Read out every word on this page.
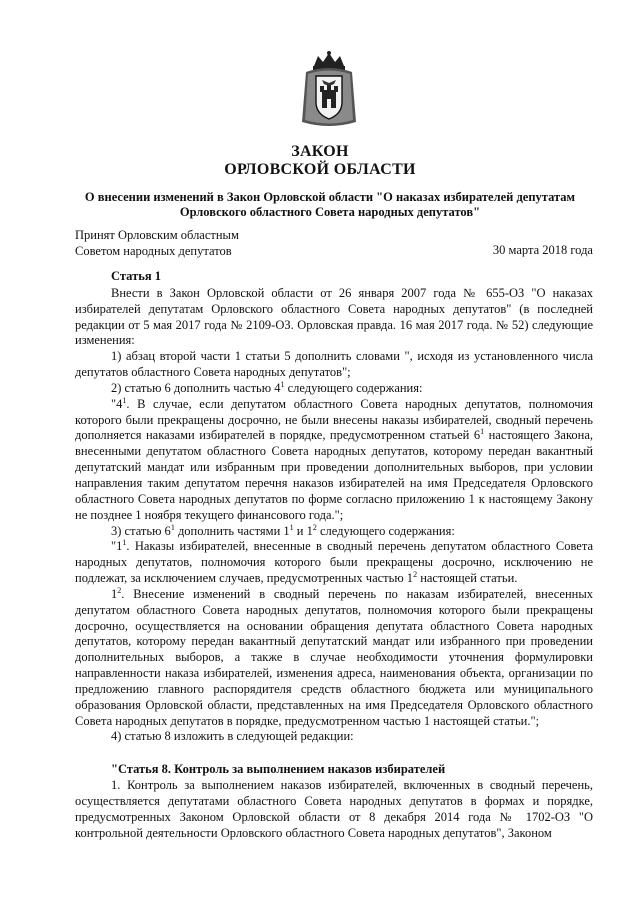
ЗАКОН
ОРЛОВСКОЙ ОБЛАСТИ
О внесении изменений в Закон Орловской области "О наказах избирателей депутатам Орловского областного Совета народных депутатов"
Принят Орловским областным
Советом народных депутатов	30 марта 2018 года

Статья 1

Внести в Закон Орловской области от 26 января 2007 года № 655-ОЗ "О наказах избирателей депутатам Орловского областного Совета народных депутатов" (в последней редакции от 5 мая 2017 года № 2109-ОЗ. Орловская правда. 16 мая 2017 года. № 52) следующие изменения:

1) абзац второй части 1 статьи 5 дополнить словами ", исходя из установленного числа депутатов областного Совета народных депутатов";

2) статью 6 дополнить частью $4^1$ следующего содержания:

"$4^1$. В случае, если депутатом областного Совета народных депутатов, полномочия которого были прекращены досрочно, не были внесены наказы избирателей, сводный перечень дополняется наказами избирателей в порядке, предусмотренном статьей $6^1$ настоящего Закона, внесенными депутатом областного Совета народных депутатов, которому передан вакантный депутатский мандат или избранным при проведении дополнительных выборов, при условии направления таким депутатом перечня наказов избирателей на имя Председателя Орловского областного Совета народных депутатов по форме согласно приложению 1 к настоящему Закону не позднее 1 ноября текущего финансового года.";

3) статью $6^1$ дополнить частями $1^1$ и $1^2$ следующего содержания:

"$1^1$. Наказы избирателей, внесенные в сводный перечень депутатом областного Совета народных депутатов, полномочия которого были прекращены досрочно, исключению не подлежат, за исключением случаев, предусмотренных частью $1^2$ настоящей статьи.

$1^2$. Внесение изменений в сводный перечень по наказам избирателей, внесенных депутатом областного Совета народных депутатов, полномочия которого были прекращены досрочно, осуществляется на основании обращения депутата областного Совета народных депутатов, которому передан вакантный депутатский мандат или избранного при проведении дополнительных выборов, а также в случае необходимости уточнения формулировки направленности наказа избирателей, изменения адреса, наименования объекта, организации по предложению главного распорядителя средств областного бюджета или муниципального образования Орловской области, представленных на имя Председателя Орловского областного Совета народных депутатов в порядке, предусмотренном частью 1 настоящей статьи.";

4) статью 8 изложить в следующей редакции:

"Статья 8. Контроль за выполнением наказов избирателей

1. Контроль за выполнением наказов избирателей, включенных в сводный перечень, осуществляется депутатами областного Совета народных депутатов в формах и порядке, предусмотренных Законом Орловской области от 8 декабря 2014 года № 1702-ОЗ "О контрольной деятельности Орловского областного Совета народных депутатов", Законом
